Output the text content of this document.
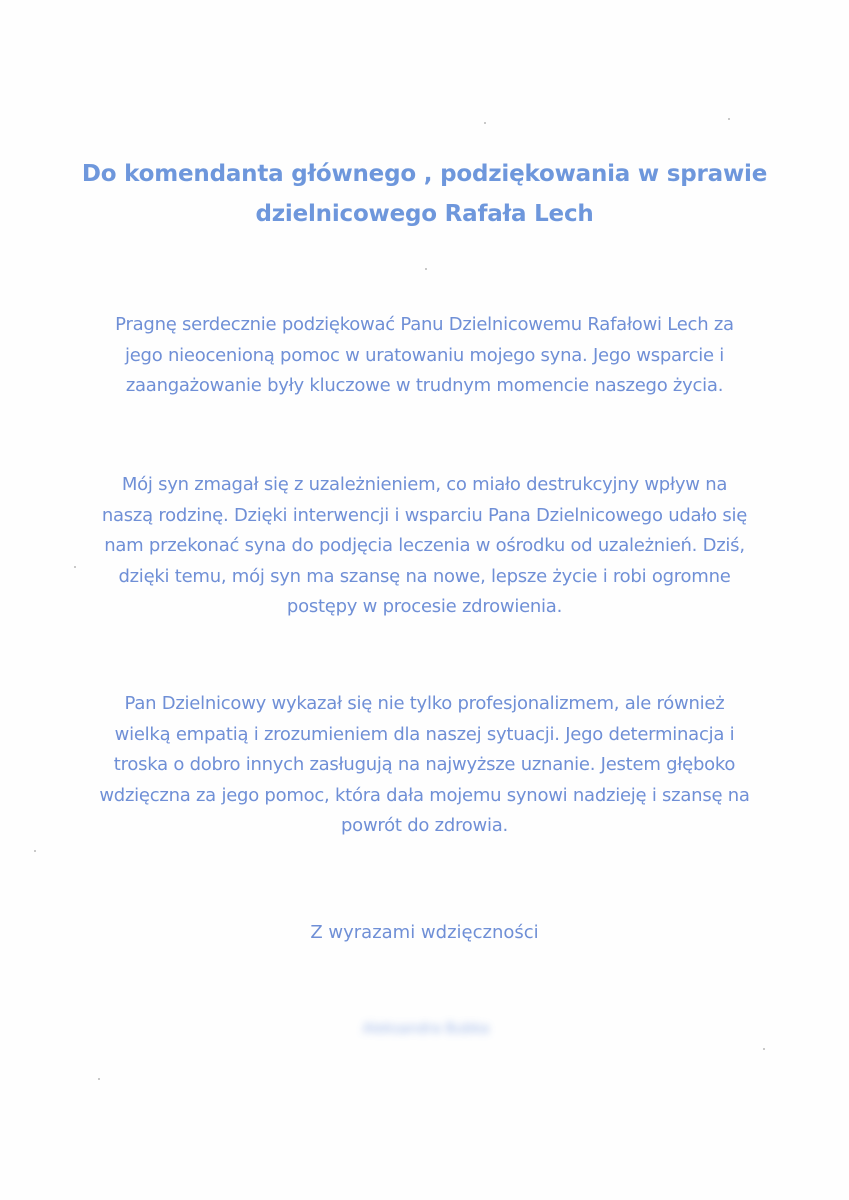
Do komendanta głównego , podziękowania w sprawie
dzielnicowego Rafała Lech

Pragnę serdecznie podziękować Panu Dzielnicowemu Rafałowi Lech za
jego nieocenioną pomoc w uratowaniu mojego syna. Jego wsparcie i
zaangażowanie były kluczowe w trudnym momencie naszego życia.

Mój syn zmagał się z uzależnieniem, co miało destrukcyjny wpływ na
naszą rodzinę. Dzięki interwencji i wsparciu Pana Dzielnicowego udało się
nam przekonać syna do podjęcia leczenia w ośrodku od uzależnień. Dziś,
dzięki temu, mój syn ma szansę na nowe, lepsze życie i robi ogromne
postępy w procesie zdrowienia.

Pan Dzielnicowy wykazał się nie tylko profesjonalizmem, ale również
wielką empatią i zrozumieniem dla naszej sytuacji. Jego determinacja i
troska o dobro innych zasługują na najwyższe uznanie. Jestem głęboko
wdzięczna za jego pomoc, która dała mojemu synowi nadzieję i szansę na
powrót do zdrowia.

Z wyrazami wdzięczności

Aleksandra Bubka
